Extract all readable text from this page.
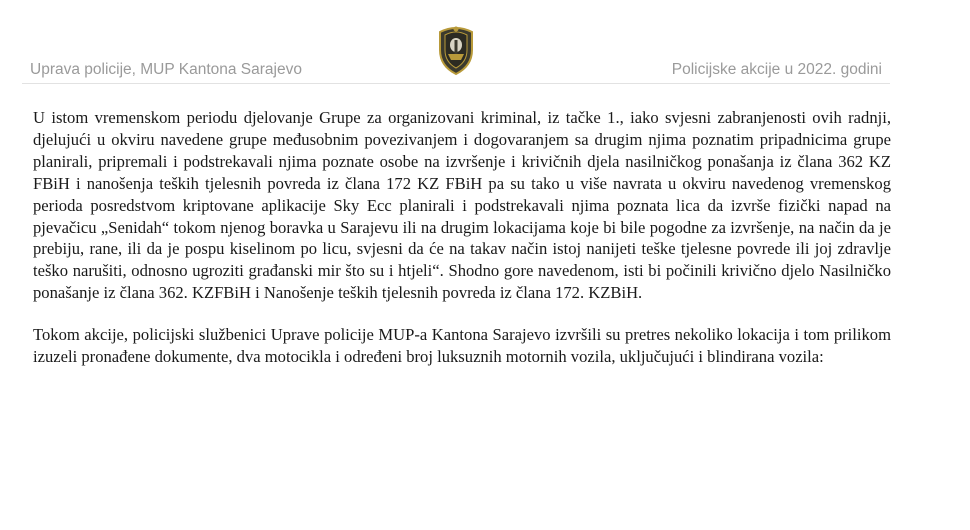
Uprava policije, MUP Kantona Sarajevo	Policijske akcije u 2022. godini

U istom vremenskom periodu djelovanje Grupe za organizovani kriminal, iz tačke 1., iako svjesni zabranjenosti ovih radnji, djelujući u okviru navedene grupe međusobnim povezivanjem i dogovaranjem sa drugim njima poznatim pripadnicima grupe planirali, pripremali i podstrekavali njima poznate osobe na izvršenje i krivičnih djela nasilničkog ponašanja iz člana 362 KZ FBiH i nanošenja teških tjelesnih povreda iz člana 172 KZ FBiH pa su tako u više navrata u okviru navedenog vremenskog perioda posredstvom kriptovane aplikacije Sky Ecc planirali i podstrekavali njima poznata lica da izvrše fizički napad na pjevačicu „Senidah“ tokom njenog boravka u Sarajevu ili na drugim lokacijama koje bi bile pogodne za izvršenje, na način da je prebiju, rane, ili da je pospu kiselinom po licu, svjesni da će na takav način istoj nanijeti teške tjelesne povrede ili joj zdravlje teško narušiti, odnosno ugroziti građanski mir što su i htjeli“. Shodno gore navedenom, isti bi počinili krivično djelo Nasilničko ponašanje iz člana 362. KZFBiH i Nanošenje teških tjelesnih povreda iz člana 172. KZBiH.

Tokom akcije, policijski službenici Uprave policije MUP-a Kantona Sarajevo izvršili su pretres nekoliko lokacija i tom prilikom izuzeli pronađene dokumente, dva motocikla i određeni broj luksuznih motornih vozila, uključujući i blindirana vozila:
